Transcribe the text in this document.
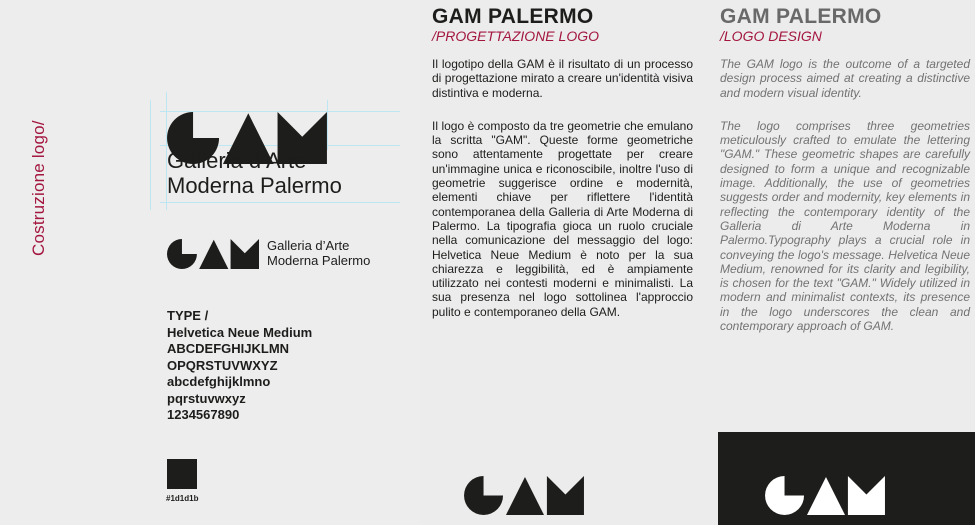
Costruzione logo/	Galleria d’Arte
Moderna Palermo
Galleria d’Arte
Moderna Palermo
TYPE /
Helvetica Neue Medium
ABCDEFGHIJKLMN
OPQRSTUVWXYZ
abcdefghijklmno
pqrstuvwxyz
1234567890
#1d1d1b
GAM PALERMO
/PROGETTAZIONE LOGO

Il logotipo della GAM è il risultato di un processo di progettazione mirato a creare un'identità visiva distintiva e moderna.

Il logo è composto da tre geometrie che emulano la scritta "GAM". Queste forme geometriche sono attentamente progettate per creare un'immagine unica e riconoscibile, inoltre l'uso di geometrie suggerisce ordine e modernità, elementi chiave per riflettere l'identità contemporanea della Galleria di Arte Moderna di Palermo. La tipografia gioca un ruolo cruciale nella comunicazione del messaggio del logo: Helvetica Neue Medium è noto per la sua chiarezza e leggibilità, ed è ampiamente utilizzato nei contesti moderni e minimalisti. La sua presenza nel logo sottolinea l'approccio pulito e contemporaneo della GAM.

GAM PALERMO
/LOGO DESIGN

The GAM logo is the outcome of a targeted design process aimed at creating a distinctive and modern visual identity.

The logo comprises three geometries meticulously crafted to emulate the lettering "GAM." These geometric shapes are carefully designed to form a unique and recognizable image. Additionally, the use of geometries suggests order and modernity, key elements in reflecting the contemporary identity of the Galleria di Arte Moderna in Palermo.Typography plays a crucial role in conveying the logo's message. Helvetica Neue Medium, renowned for its clarity and legibility, is chosen for the text "GAM." Widely utilized in modern and minimalist contexts, its presence in the logo underscores the clean and contemporary approach of GAM.
